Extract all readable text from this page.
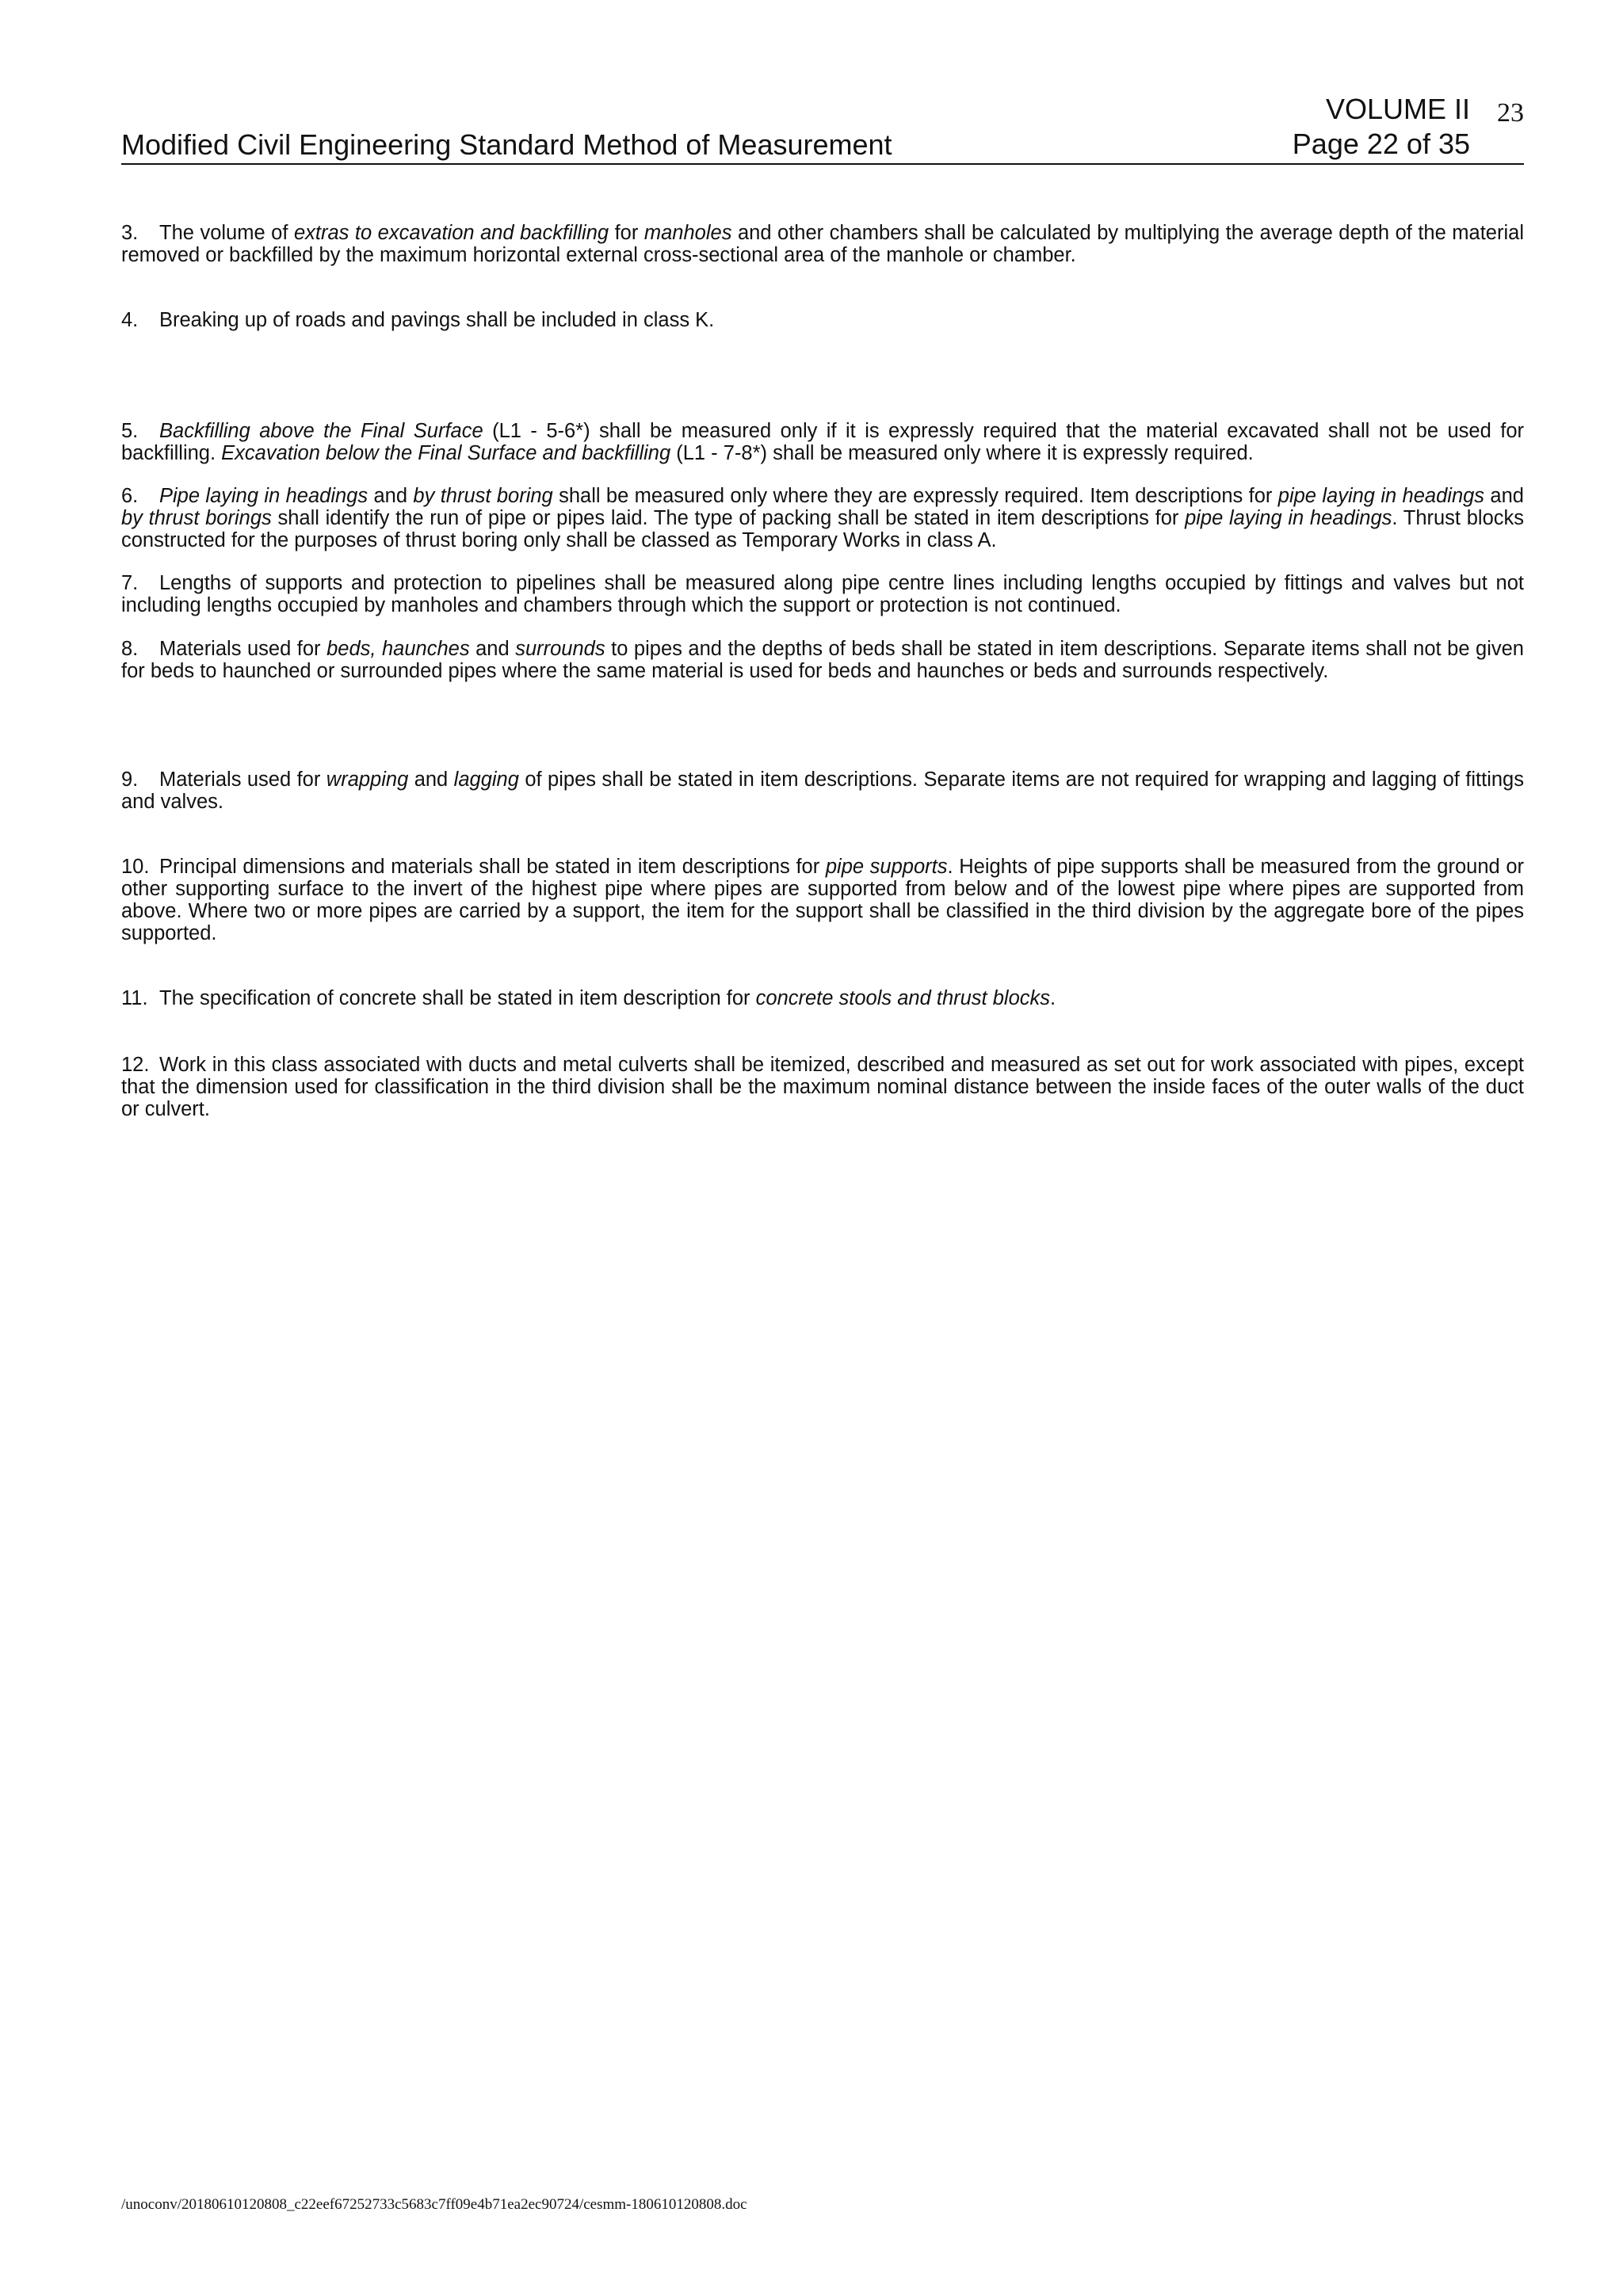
23
Modified Civil Engineering Standard Method of Measurement
VOLUME II
Page 22 of 35
3. The volume of extras to excavation and backfilling for manholes and other chambers shall be calculated by multiplying the average depth of the material removed or backfilled by the maximum horizontal external cross-sectional area of the manhole or chamber.
4. Breaking up of roads and pavings shall be included in class K.
5. Backfilling above the Final Surface (L1 - 5-6*) shall be measured only if it is expressly required that the material excavated shall not be used for backfilling. Excavation below the Final Surface and backfilling (L1 - 7-8*) shall be measured only where it is expressly required.
6. Pipe laying in headings and by thrust boring shall be measured only where they are expressly required. Item descriptions for pipe laying in headings and by thrust borings shall identify the run of pipe or pipes laid. The type of packing shall be stated in item descriptions for pipe laying in headings. Thrust blocks constructed for the purposes of thrust boring only shall be classed as Temporary Works in class A.
7. Lengths of supports and protection to pipelines shall be measured along pipe centre lines including lengths occupied by fittings and valves but not including lengths occupied by manholes and chambers through which the support or protection is not continued.
8. Materials used for beds, haunches and surrounds to pipes and the depths of beds shall be stated in item descriptions. Separate items shall not be given for beds to haunched or surrounded pipes where the same material is used for beds and haunches or beds and surrounds respectively.
9. Materials used for wrapping and lagging of pipes shall be stated in item descriptions. Separate items are not required for wrapping and lagging of fittings and valves.
10. Principal dimensions and materials shall be stated in item descriptions for pipe supports. Heights of pipe supports shall be measured from the ground or other supporting surface to the invert of the highest pipe where pipes are supported from below and of the lowest pipe where pipes are supported from above. Where two or more pipes are carried by a support, the item for the support shall be classified in the third division by the aggregate bore of the pipes supported.
11. The specification of concrete shall be stated in item description for concrete stools and thrust blocks.
12. Work in this class associated with ducts and metal culverts shall be itemized, described and measured as set out for work associated with pipes, except that the dimension used for classification in the third division shall be the maximum nominal distance between the inside faces of the outer walls of the duct or culvert.
/unoconv/20180610120808_c22eef67252733c5683c7ff09e4b71ea2ec90724/cesmm-180610120808.doc
